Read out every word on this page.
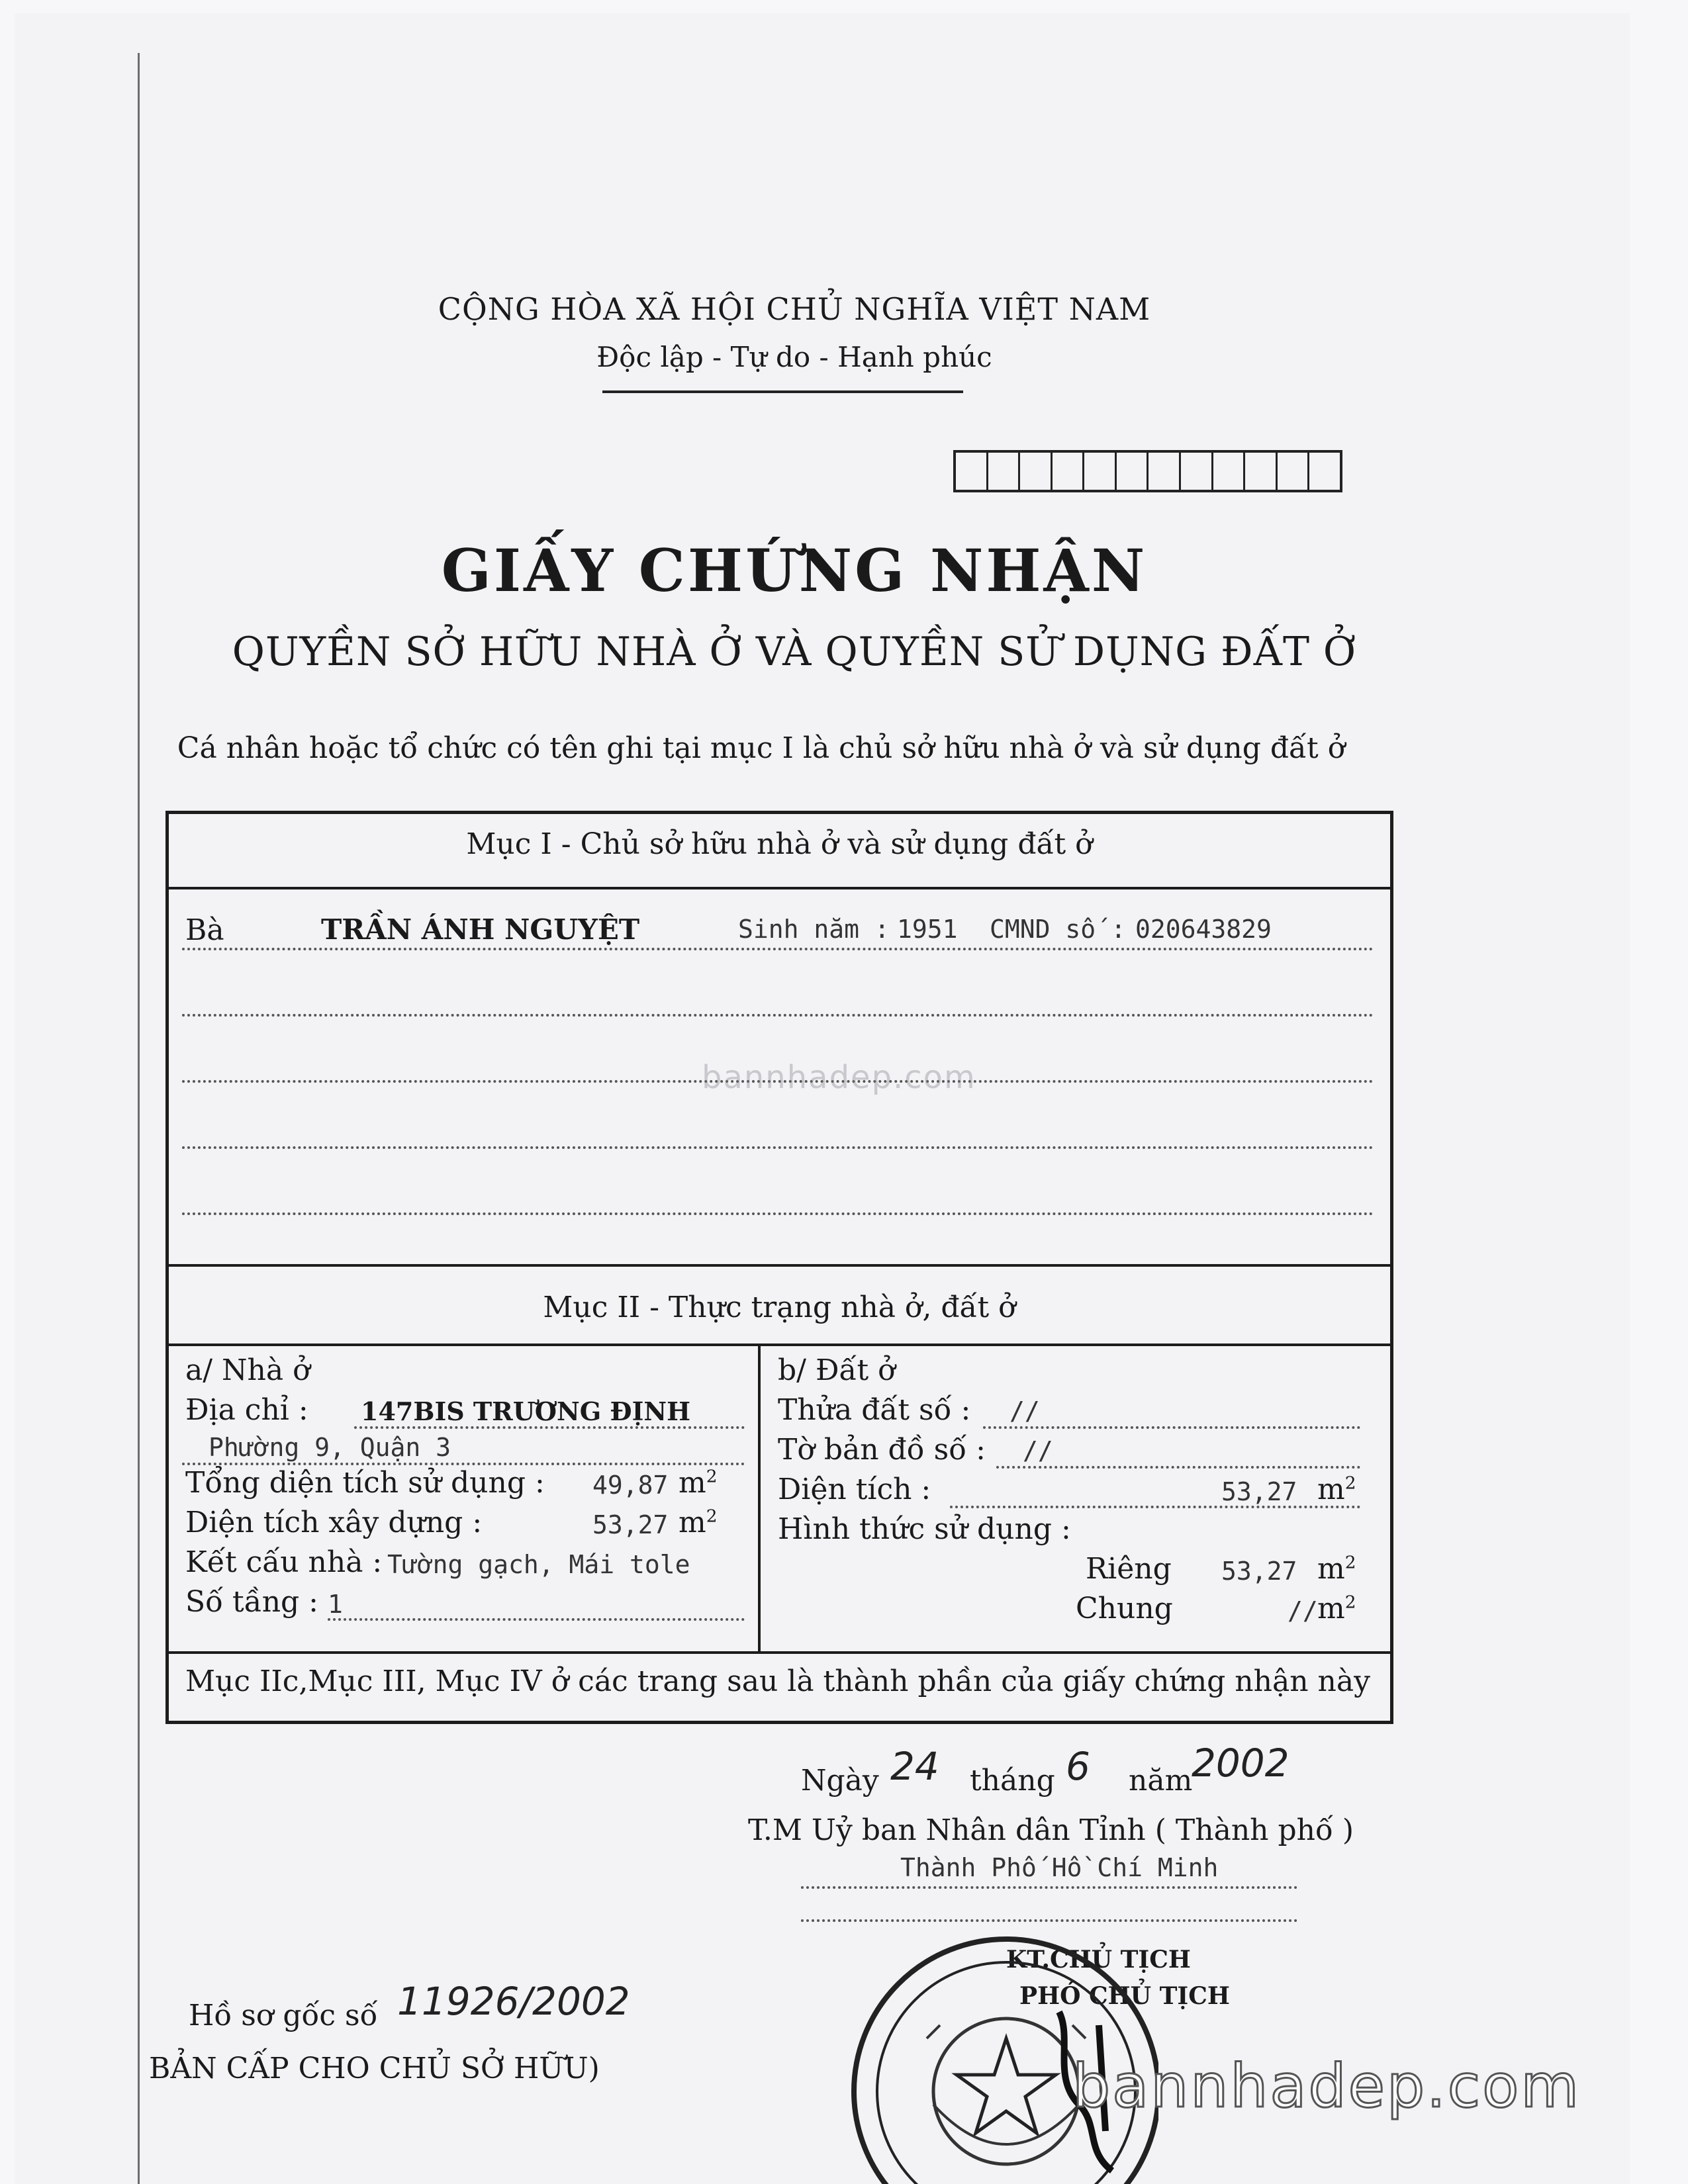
CỘNG HÒA XÃ HỘI CHỦ NGHĨA VIỆT NAM
Độc lập - Tự do - Hạnh phúc
GIẤY CHỨNG NHẬN
QUYỀN SỞ HỮU NHÀ Ở VÀ QUYỀN SỬ DỤNG ĐẤT Ở
Cá nhân hoặc tổ chức có tên ghi tại mục I là chủ sở hữu nhà ở và sử dụng đất ở
Mục I - Chủ sở hữu nhà ở và sử dụng đất ở
Bà	TRẦN ÁNH NGUYỆT	Sinh năm : 1951 CMND số : 020643829
Mục II - Thực trạng nhà ở, đất ở
a/ Nhà ở
Địa chỉ : 147BIS TRƯƠNG ĐỊNH
Phường 9, Quận 3
Tổng diện tích sử dụng : 49,87 $m^2$
Diện tích xây dựng :	53,27 $m^2$
Kết cấu nhà : Tường gạch, Mái tole
Số tầng : 1
b/ Đất ở
Thửa đất số : //
Tờ bản đồ số : //
Diện tích :	53,27 $m^2$
Hình thức sử dụng :
Riêng 53,27 $m^2$
Chung	// $m^2$
Mục IIc,Mục III, Mục IV ở các trang sau là thành phần của giấy chứng nhận này
Ngày 24 tháng 6 năm
2002
T.M Uỷ ban Nhân dân Tỉnh ( Thành phố )
Thành Phố Hồ Chí Minh
KT.CHỦ TỊCH
PHÓ CHỦ TỊCH
Hồ sơ gốc số 11926/2002
BẢN CẤP CHO CHỦ SỞ HỮU)
bannhadep.com
bannhadep.com
